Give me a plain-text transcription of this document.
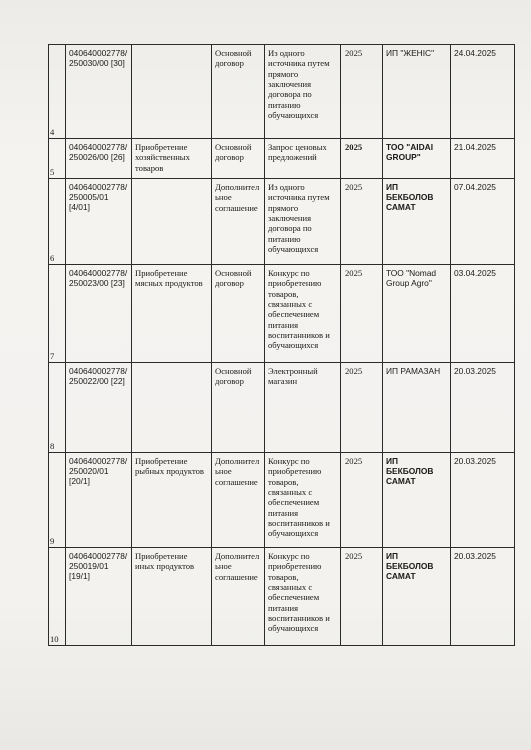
4	040640002778/ 250030/00 [30]		Основной договор	Из одного источника путем прямого заключения договора по питанию обучающихся	2025	ИП "ЖЕНІС"	24.04.2025
5	040640002778/ 250026/00 [26]	Приобретение хозяйственных товаров	Основной договор	Запрос ценовых предложений	2025	ТОО "AIDAI GROUP"	21.04.2025
6	040640002778/ 250005/01 [4/01]		Дополнительное соглашение	Из одного источника путем прямого заключения договора по питанию обучающихся	2025	ИП БЕКБОЛОВ САМАТ	07.04.2025
7	040640002778/ 250023/00 [23]	Приобретение мясных продуктов	Основной договор	Конкурс по приобретению товаров, связанных с обеспечением питания воспитанников и обучающихся	2025	ТОО "Nomad Group Agro"	03.04.2025
8	040640002778/ 250022/00 [22]		Основной договор	Электронный магазин	2025	ИП РАМАЗАН	20.03.2025
9	040640002778/ 250020/01 [20/1]	Приобретение рыбных продуктов	Дополнительное соглашение	Конкурс по приобретению товаров, связанных с обеспечением питания воспитанников и обучающихся	2025	ИП БЕКБОЛОВ САМАТ	20.03.2025
10	040640002778/ 250019/01 [19/1]	Приобретение иных продуктов	Дополнительное соглашение	Конкурс по приобретению товаров, связанных с обеспечением питания воспитанников и обучающихся	2025	ИП БЕКБОЛОВ САМАТ	20.03.2025
